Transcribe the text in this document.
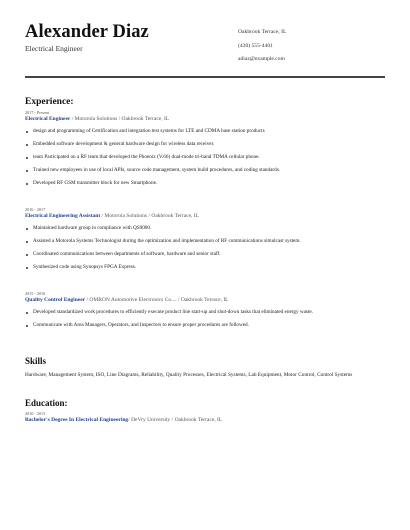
Alexander Diaz
Electrical Engineer
Oakbrook Terrace, IL
(430) 555-4401
adiaz@example.com
Experience:
2017 - Present
Electrical Engineer / Motorola Solutions / Oakbrook Terrace, IL
design and programming of Certification and integration test systems for LTE and CDMA base station products
Embedded software development & general hardware design for wireless data receiver.
team Participated on a RF team that developed the Phoenix (V.66) dual-mode tri-band TDMA cellular phone.
Trained new employees in use of local APIs, source code management, system build procedures, and coding standards.
Developed RF GSM transmitter block for new Smartphone.
2016 - 2017
Electrical Engineering Assistant / Motorola Solutions / Oakbrook Terrace, IL
Maintained hardware group in compliance with QS9000.
Assisted a Motorola Systems Technologist during the optimization and implementation of RF communications simulcast system.
Coordinated communications between departments of software, hardware and senior staff.
Synthesized code using Synopsys FPGA Express.
2015 - 2016
Quality Control Engineer / OMRON Automotive Electronics Co.... / Oakbrook Terrace, IL
Developed standardized work procedures to efficiently execute product line start-up and shut-down tasks that eliminated energy waste.
Communicate with Area Managers, Operators, and Inspectors to ensure proper procedures are followed.
Skills
Hardware, Management System, ISO, Line Diagrams, Reliability, Quality Processes, Electrical Systems, Lab Equipment, Motor Control, Control Systems
Education:
2010 - 2013
Bachelor's Degree In Electrical Engineering/ DeVry University / Oakbrook Terrace, IL
